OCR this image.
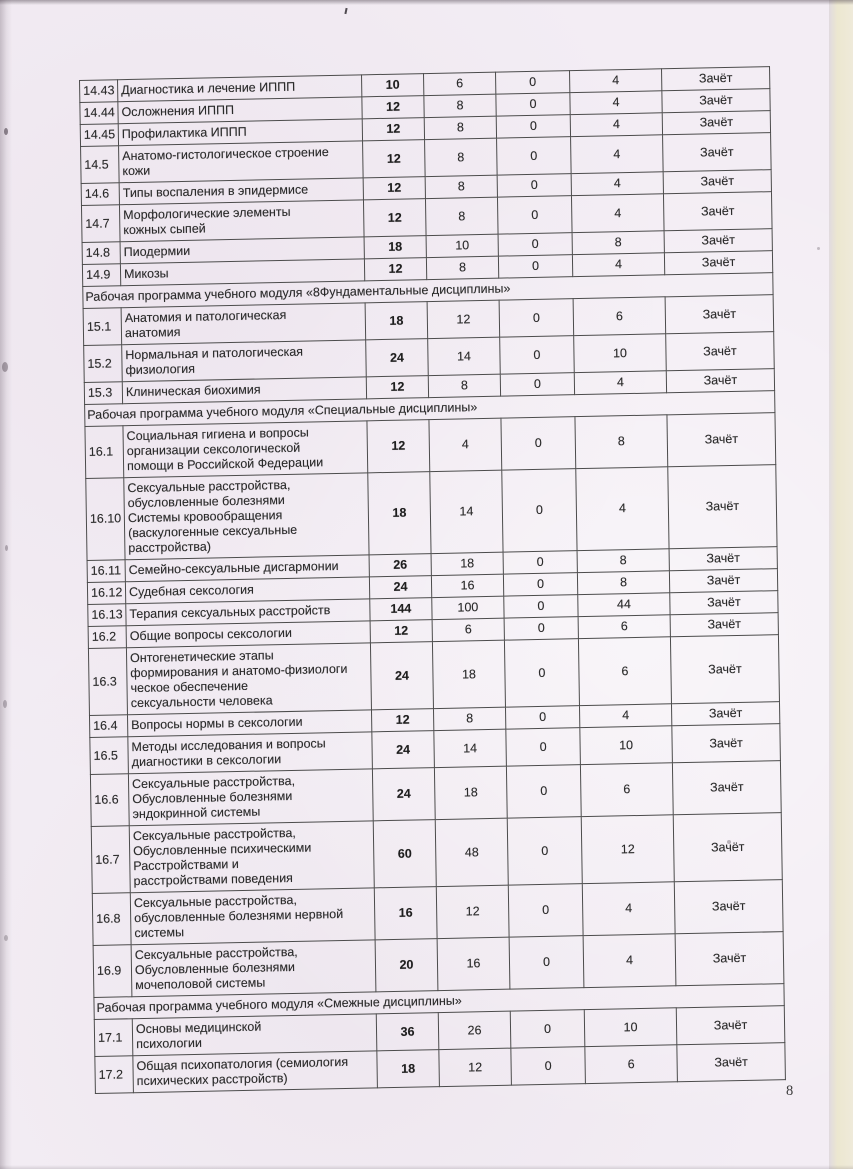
14.43	Диагностика и лечение ИППП	10	6	0	4	Зачёт
14.44	Осложнения ИППП	12	8	0	4	Зачёт
14.45	Профилактика ИППП	12	8	0	4	Зачёт
14.5	Анатомо-гистологическое строение
кожи	12	8	0	4	Зачёт
14.6	Типы воспаления в эпидермисе	12	8	0	4	Зачёт
14.7	Морфологические элементы
кожных сыпей	12	8	0	4	Зачёт
14.8	Пиодермии	18	10	0	8	Зачёт
14.9	Микозы	12	8	0	4	Зачёт
Рабочая программа учебного модуля «8Фундаментальные дисциплины»						
15.1	Анатомия и патологическая
анатомия	18	12	0	6	Зачёт
15.2	Нормальная и патологическая
физиология	24	14	0	10	Зачёт
15.3	Клиническая биохимия	12	8	0	4	Зачёт
Рабочая программа учебного модуля «Специальные дисциплины»						
16.1	Социальная гигиена и вопросы
организации сексологической
помощи в Российской Федерации	12	4	0	8	Зачёт
16.10	Сексуальные расстройства,
обусловленные болезнями
Системы кровообращения
(васкулогенные сексуальные
расстройства)	18	14	0	4	Зачёт
16.11	Семейно-сексуальные дисгармонии	26	18	0	8	Зачёт
16.12	Судебная сексология	24	16	0	8	Зачёт
16.13	Терапия сексуальных расстройств	144	100	0	44	Зачёт
16.2	Общие вопросы сексологии	12	6	0	6	Зачёт
16.3	Онтогенетические этапы
формирования и анатомо-физиологи
ческое обеспечение
сексуальности человека	24	18	0	6	Зачёт
16.4	Вопросы нормы в сексологии	12	8	0	4	Зачёт
16.5	Методы исследования и вопросы
диагностики в сексологии	24	14	0	10	Зачёт
16.6	Сексуальные расстройства,
Обусловленные болезнями
эндокринной системы	24	18	0	6	Зачёт
16.7	Сексуальные расстройства,
Обусловленные психическими
Расстройствами и
расстройствами поведения	60	48	0	12	Зачёт
16.8	Сексуальные расстройства,
обусловленные болезнями нервной
системы	16	12	0	4	Зачёт
16.9	Сексуальные расстройства,
Обусловленные болезнями
мочеполовой системы	20	16	0	4	Зачёт
Рабочая программа учебного модуля «Смежные дисциплины»						
17.1	Основы медицинской
психологии	36	26	0	10	Зачёт
17.2	Общая психопатология (семиология
психических расстройств)	18	12	0	6	Зачёт
8
